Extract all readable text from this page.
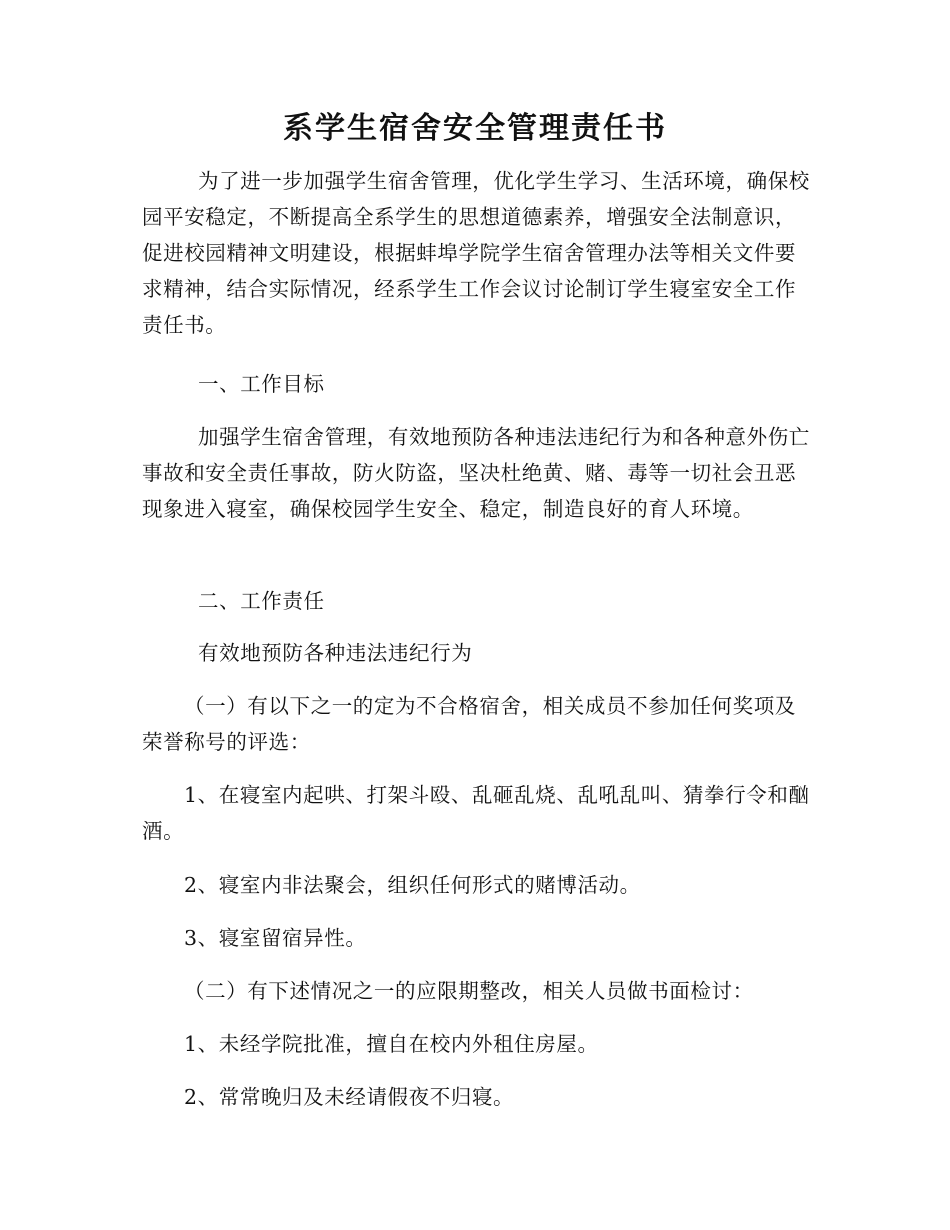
系学生宿舍安全管理责任书
为了进一步加强学生宿舍管理，优化学生学习、生活环境，确保校园平安稳定，不断提高全系学生的思想道德素养，增强安全法制意识，促进校园精神文明建设，根据蚌埠学院学生宿舍管理办法等相关文件要求精神，结合实际情况，经系学生工作会议讨论制订学生寝室安全工作责任书。
一、工作目标
加强学生宿舍管理，有效地预防各种违法违纪行为和各种意外伤亡事故和安全责任事故，防火防盗，坚决杜绝黄、赌、毒等一切社会丑恶现象进入寝室，确保校园学生安全、稳定，制造良好的育人环境。
二、工作责任
有效地预防各种违法违纪行为
（一）有以下之一的定为不合格宿舍，相关成员不参加任何奖项及荣誉称号的评选：
1、在寝室内起哄、打架斗殴、乱砸乱烧、乱吼乱叫、猜拳行令和酗酒。
2、寝室内非法聚会，组织任何形式的赌博活动。
3、寝室留宿异性。
（二）有下述情况之一的应限期整改，相关人员做书面检讨：
1、未经学院批准，擅自在校内外租住房屋。
2、常常晚归及未经请假夜不归寝。
